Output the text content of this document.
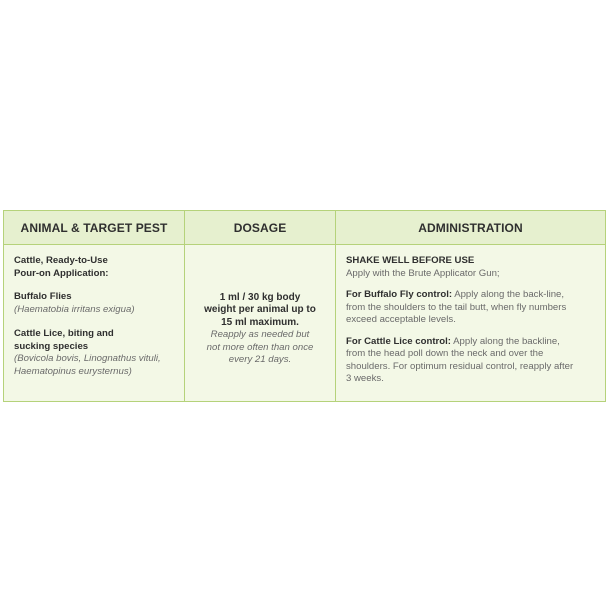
ANIMAL & TARGET PEST	DOSAGE	ADMINISTRATION
Cattle, Ready-to-Use
Pour-on Application:
Buffalo Flies
(Haematobia irritans exigua)
Cattle Lice, biting and
sucking species
(Bovicola bovis, Linognathus vituli,
Haematopinus eurysternus)
1 ml / 30 kg body
weight per animal up to
15 ml maximum.
Reapply as needed but
not more often than once
every 21 days.
SHAKE WELL BEFORE USE
Apply with the Brute Applicator Gun;
For Buffalo Fly control: Apply along the back-line,
from the shoulders to the tail butt, when fly numbers
exceed acceptable levels.
For Cattle Lice control: Apply along the backline,
from the head poll down the neck and over the
shoulders. For optimum residual control, reapply after
3 weeks.
